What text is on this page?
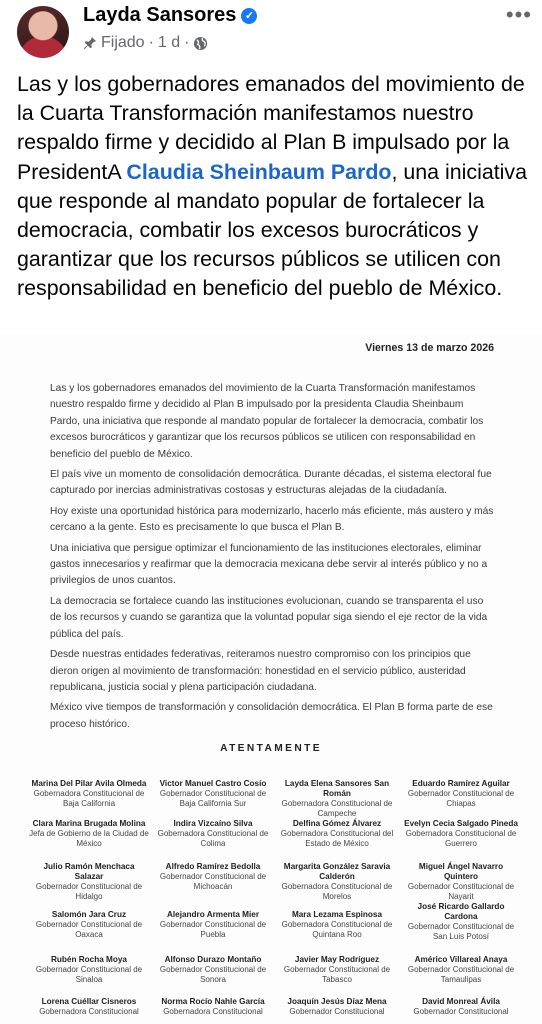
Layda Sansores ✓
Fijado · 1 d ·
•••
Las y los gobernadores emanados del movimiento de la Cuarta Transformación manifestamos nuestro respaldo firme y decidido al Plan B impulsado por la PresidentA Claudia Sheinbaum Pardo, una iniciativa que responde al mandato popular de fortalecer la democracia, combatir los excesos burocráticos y garantizar que los recursos públicos se utilicen con responsabilidad en beneficio del pueblo de México.
Viernes 13 de marzo 2026

Las y los gobernadores emanados del movimiento de la Cuarta Transformación manifestamos nuestro respaldo firme y decidido al Plan B impulsado por la presidenta Claudia Sheinbaum Pardo, una iniciativa que responde al mandato popular de fortalecer la democracia, combatir los excesos burocráticos y garantizar que los recursos públicos se utilicen con responsabilidad en beneficio del pueblo de México.

El país vive un momento de consolidación democrática. Durante décadas, el sistema electoral fue capturado por inercias administrativas costosas y estructuras alejadas de la ciudadanía.

Hoy existe una oportunidad histórica para modernizarlo, hacerlo más eficiente, más austero y más cercano a la gente. Esto es precisamente lo que busca el Plan B.

Una iniciativa que persigue optimizar el funcionamiento de las instituciones electorales, eliminar gastos innecesarios y reafirmar que la democracia mexicana debe servir al interés público y no a privilegios de unos cuantos.

La democracia se fortalece cuando las instituciones evolucionan, cuando se transparenta el uso de los recursos y cuando se garantiza que la voluntad popular siga siendo el eje rector de la vida pública del país.

Desde nuestras entidades federativas, reiteramos nuestro compromiso con los principios que dieron origen al movimiento de transformación: honestidad en el servicio público, austeridad republicana, justicia social y plena participación ciudadana.

México vive tiempos de transformación y consolidación democrática. El Plan B forma parte de ese proceso histórico.

ATENTAMENTE
Marina Del Pilar Avila Olmeda
Gobernadora Constitucional de Baja California
Victor Manuel Castro Cosío
Gobernador Constitucional de Baja California Sur
Layda Elena Sansores San Román
Gobernadora Constitucional de Campeche
Eduardo Ramírez Aguilar
Gobernador Constitucional de Chiapas
Clara Marina Brugada Molina
Jefa de Gobierno de la Ciudad de México
Indira Vizcaíno Silva
Gobernadora Constitucional de Colima
Delfina Gómez Álvarez
Gobernadora Constitucional del Estado de México
Evelyn Cecia Salgado Pineda
Gobernadora Constitucional de Guerrero
Julio Ramón Menchaca Salazar
Gobernador Constitucional de Hidalgo
Alfredo Ramírez Bedolla
Gobernador Constitucional de Michoacán
Margarita González Saravia Calderón
Gobernadora Constitucional de Morelos
Miguel Ángel Navarro Quintero
Gobernador Constitucional de Nayarit
Salomón Jara Cruz
Gobernador Constitucional de Oaxaca
Alejandro Armenta Mier
Gobernador Constitucional de Puebla
Mara Lezama Espinosa
Gobernadora Constitucional de Quintana Roo
José Ricardo Gallardo Cardona
Gobernador Constitucional de San Luis Potosí
Rubén Rocha Moya
Gobernador Constitucional de Sinaloa
Alfonso Durazo Montaño
Gobernador Constitucional de Sonora
Javier May Rodríguez
Gobernador Constitucional de Tabasco
Américo Villareal Anaya
Gobernador Constitucional de Tamaulipas
Lorena Cuéllar Cisneros
Gobernadora Constitucional
Norma Rocío Nahle García
Gobernadora Constitucional
Joaquín Jesús Díaz Mena
Gobernador Constitucional
David Monreal Ávila
Gobernador Constitucional
